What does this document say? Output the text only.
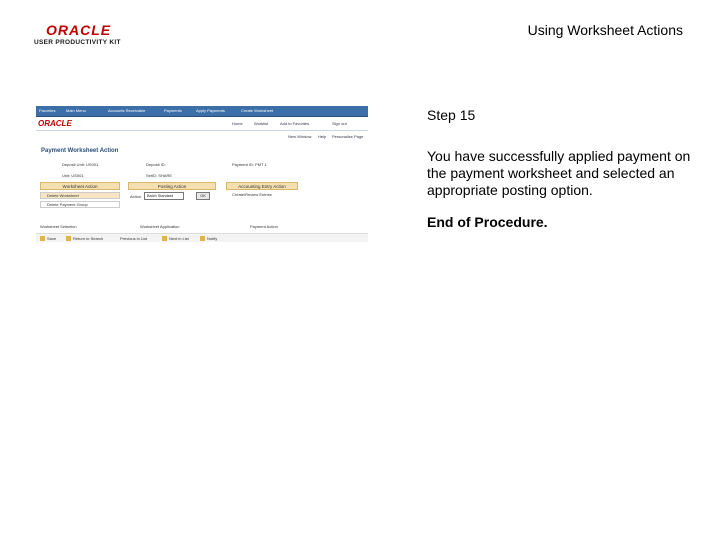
ORACLE
USER PRODUCTIVITY KIT
Using Worksheet Actions
Favorites	Main Menu	Accounts Receivable	Payments	Apply Payments	Create Worksheet
ORACLE	Home	Worklist	Add to Favorites	Sign out
New Window Help Personalize Page
Payment Worksheet Action
Deposit Unit: US001	Deposit ID:	Payment ID: PMT 1
Unit: US001	SetID: SHARE
Worksheet Action
Delete Worksheet
Delete Payment Group
Posting Action
Action	Batch Standard	OK
Accounting Entry Action
Create/Review Entries
Worksheet Selection	Worksheet Application	Payment Action
Save	Return to Search	Previous in List	Next in List	Notify
Step 15
You have successfully applied payment on the payment worksheet and selected an appropriate posting option.
End of Procedure.
